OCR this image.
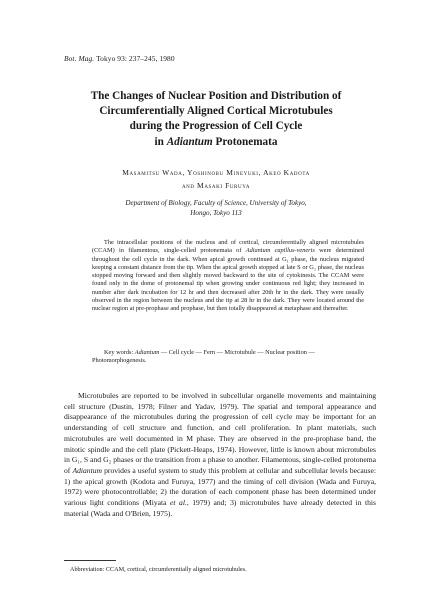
Bot. Mag. Tokyo 93: 237–245, 1980
The Changes of Nuclear Position and Distribution of
Circumferentially Aligned Cortical Microtubules
during the Progression of Cell Cycle
in Adiantum Protonemata
Masamitsu Wada, Yoshinobu Mineyuki, Akeo Kadota
and Masaki Furuya
Department of Biology, Faculty of Science, University of Tokyo,
Hongo, Tokyo 113

The intracellular positions of the nucleus and of cortical, circumferentially aligned microtubules (CCAM) in filamentous, single-celled protonemata of Adiantum capillus-veneris were determined throughout the cell cycle in the dark. When apical growth continued at G₁ phase, the nucleus migrated keeping a constant distance from the tip. When the apical growth stopped at late S or G₂ phase, the nucleus stopped moving forward and then slightly moved backward to the site of cytokinesis. The CCAM were found only in the dome of protonemal tip when growing under continuous red light; they increased in number after dark incubation for 12 hr and then decreased after 20th hr in the dark. They were usually observed in the region between the nucleus and the tip at 28 hr in the dark. They were located around the nuclear region at pre-prophase and prophase, but then totally disappeared at metaphase and thereafter.

Key words: Adiantum — Cell cycle — Fern — Microtubule — Nuclear position — Photomorphogenesis.

Microtubules are reported to be involved in subcellular organelle movements and maintaining cell structure (Dustin, 1978; Filner and Yadav, 1979). The spatial and temporal appearance and disappearance of the microtubules during the progression of cell cycle may be important for an understanding of cell structure and function, and cell proliferation. In plant materials, such microtubules are well documented in M phase. They are observed in the pre-prophase band, the mitotic spindle and the cell plate (Pickett-Heaps, 1974). However, little is known about microtubules in G₁, S and G₂ phases or the transition from a phase to another. Filamentous, single-celled protonema of Adiantum provides a useful system to study this problem at cellular and subcellular levels because: 1) the apical growth (Kodota and Furuya, 1977) and the timing of cell division (Wada and Furuya, 1972) were photocontrollable; 2) the duration of each component phase has been determined under various light conditions (Miyata et al., 1979) and; 3) microtubules have already detected in this material (Wada and O'Brien, 1975).

Abbreviation: CCAM, cortical, circumferentially aligned microtubules.
